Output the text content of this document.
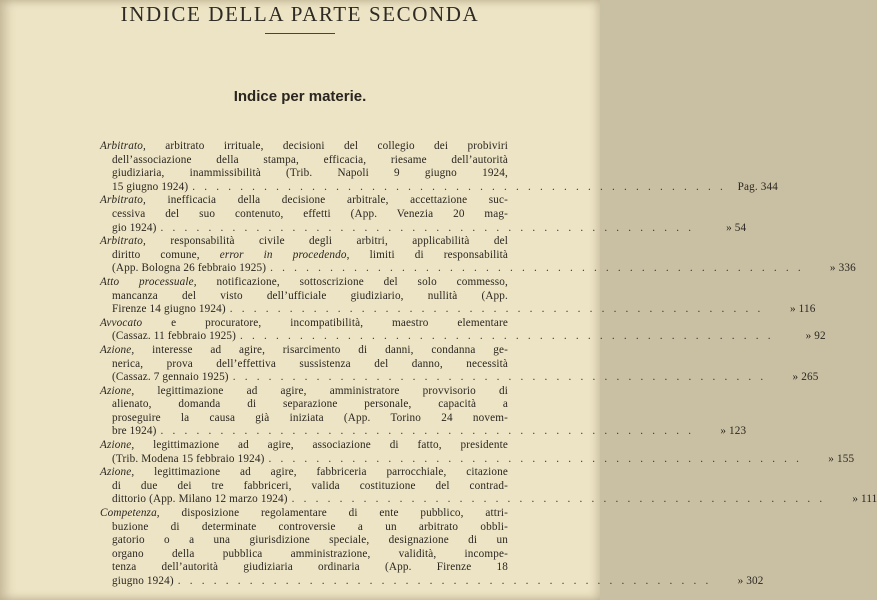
INDICE DELLA PARTE SECONDA
Indice per materie.
Arbitrato, arbitrato irrituale, decisioni del collegio dei probiviri
dell’associazione della stampa, efficacia, riesame dell’autorità
giudiziaria, inammissibilità (Trib. Napoli 9 giugno 1924,
15 giugno 1924) . . . . . . . . . . . . . . . . . . . . . . . . . . . . . . . . . . . . . . . . . . . . .	Pag. 344
Arbitrato, inefficacia della decisione arbitrale, accettazione suc-
cessiva del suo contenuto, effetti (App. Venezia 20 mag-
gio 1924) . . . . . . . . . . . . . . . . . . . . . . . . . . . . . . . . . . . . . . . . . . . . .	» 54
Arbitrato, responsabilità civile degli arbitri, applicabilità del
diritto comune, error in procedendo, limiti di responsabilità
(App. Bologna 26 febbraio 1925) . . . . . . . . . . . . . . . . . . . . . . . . . . . . . . . . . . . . . . . . . . . . .	» 336
Atto processuale, notificazione, sottoscrizione del solo commesso,
mancanza del visto dell’ufficiale giudiziario, nullità (App.
Firenze 14 giugno 1924) . . . . . . . . . . . . . . . . . . . . . . . . . . . . . . . . . . . . . . . . . . . . .	» 116
Avvocato e procuratore, incompatibilità, maestro elementare
(Cassaz. 11 febbraio 1925) . . . . . . . . . . . . . . . . . . . . . . . . . . . . . . . . . . . . . . . . . . . . .	» 92
Azione, interesse ad agire, risarcimento di danni, condanna ge-
nerica, prova dell’effettiva sussistenza del danno, necessità
(Cassaz. 7 gennaio 1925) . . . . . . . . . . . . . . . . . . . . . . . . . . . . . . . . . . . . . . . . . . . . .	» 265
Azione, legittimazione ad agire, amministratore provvisorio di
alienato, domanda di separazione personale, capacità a
proseguire la causa già iniziata (App. Torino 24 novem-
bre 1924) . . . . . . . . . . . . . . . . . . . . . . . . . . . . . . . . . . . . . . . . . . . . .	» 123
Azione, legittimazione ad agire, associazione di fatto, presidente
(Trib. Modena 15 febbraio 1924) . . . . . . . . . . . . . . . . . . . . . . . . . . . . . . . . . . . . . . . . . . . . .	» 155
Azione, legittimazione ad agire, fabbriceria parrocchiale, citazione
di due dei tre fabbriceri, valida costituzione del contrad-
dittorio (App. Milano 12 marzo 1924) . . . . . . . . . . . . . . . . . . . . . . . . . . . . . . . . . . . . . . . . . . . . .	» 111
Competenza, disposizione regolamentare di ente pubblico, attri-
buzione di determinate controversie a un arbitrato obbli-
gatorio o a una giurisdizione speciale, designazione di un
organo della pubblica amministrazione, validità, incompe-
tenza dell’autorità giudiziaria ordinaria (App. Firenze 18
giugno 1924) . . . . . . . . . . . . . . . . . . . . . . . . . . . . . . . . . . . . . . . . . . . . .	» 302
